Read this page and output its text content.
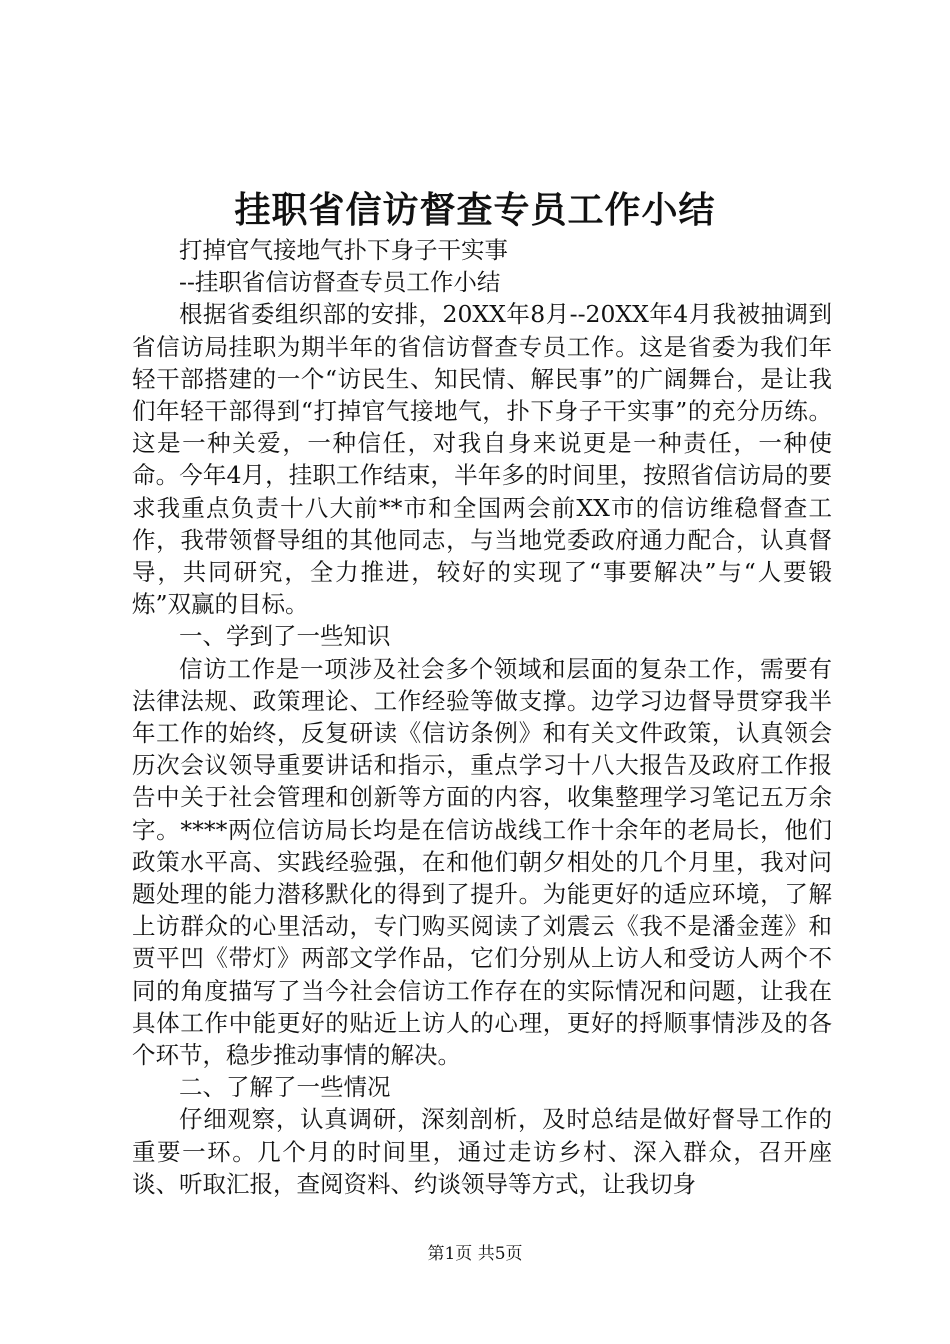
挂职省信访督查专员工作小结

打掉官气接地气扑下身子干实事

--挂职省信访督查专员工作小结

根据省委组织部的安排，20XX年8月--20XX年4月我被抽调到省信访局挂职为期半年的省信访督查专员工作。这是省委为我们年轻干部搭建的一个“访民生、知民情、解民事”的广阔舞台，是让我们年轻干部得到“打掉官气接地气，扑下身子干实事”的充分历练。这是一种关爱，一种信任，对我自身来说更是一种责任，一种使命。今年4月，挂职工作结束，半年多的时间里，按照省信访局的要求我重点负责十八大前**市和全国两会前XX市的信访维稳督查工作，我带领督导组的其他同志，与当地党委政府通力配合，认真督导，共同研究，全力推进，较好的实现了“事要解决”与“人要锻炼”双赢的目标。

一、学到了一些知识

信访工作是一项涉及社会多个领域和层面的复杂工作，需要有法律法规、政策理论、工作经验等做支撑。边学习边督导贯穿我半年工作的始终，反复研读《信访条例》和有关文件政策，认真领会历次会议领导重要讲话和指示，重点学习十八大报告及政府工作报告中关于社会管理和创新等方面的内容，收集整理学习笔记五万余字。****两位信访局长均是在信访战线工作十余年的老局长，他们政策水平高、实践经验强，在和他们朝夕相处的几个月里，我对问题处理的能力潜移默化的得到了提升。为能更好的适应环境，了解上访群众的心里活动，专门购买阅读了刘震云《我不是潘金莲》和贾平凹《带灯》两部文学作品，它们分别从上访人和受访人两个不同的角度描写了当今社会信访工作存在的实际情况和问题，让我在具体工作中能更好的贴近上访人的心理，更好的捋顺事情涉及的各个环节，稳步推动事情的解决。

二、了解了一些情况

仔细观察，认真调研，深刻剖析，及时总结是做好督导工作的重要一环。几个月的时间里，通过走访乡村、深入群众，召开座谈、听取汇报，查阅资料、约谈领导等方式，让我切身

第1页 共5页
